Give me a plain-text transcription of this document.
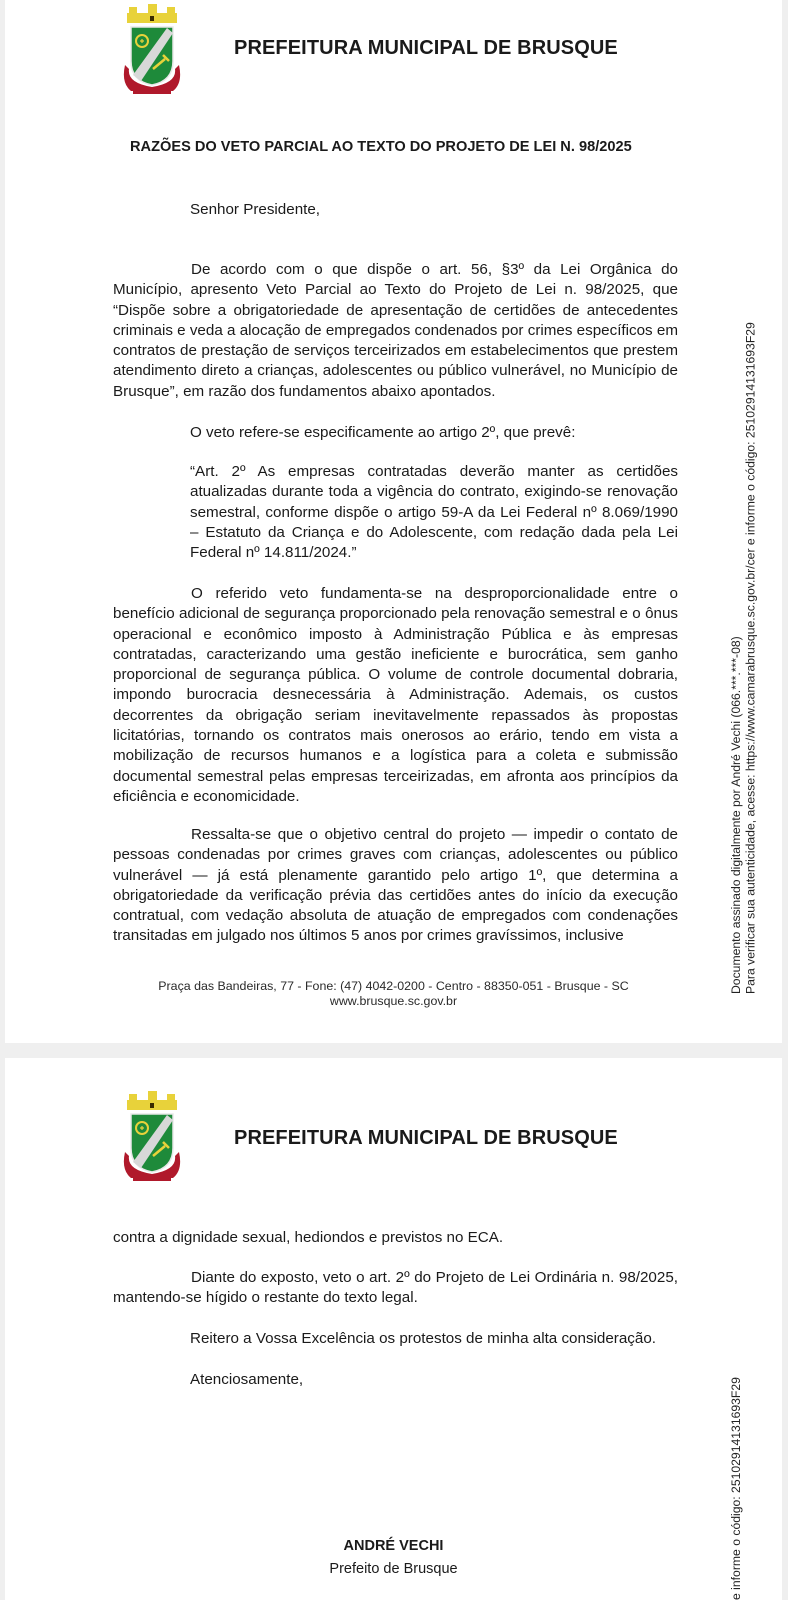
PREFEITURA MUNICIPAL DE BRUSQUE
RAZÕES DO VETO PARCIAL AO TEXTO DO PROJETO DE LEI N. 98/2025
Senhor Presidente,
De acordo com o que dispõe o art. 56, §3º da Lei Orgânica do Município, apresento Veto Parcial ao Texto do Projeto de Lei n. 98/2025, que “Dispõe sobre a obrigatoriedade de apresentação de certidões de antecedentes criminais e veda a alocação de empregados condenados por crimes específicos em contratos de prestação de serviços terceirizados em estabelecimentos que prestem atendimento direto a crianças, adolescentes ou público vulnerável, no Município de Brusque”, em razão dos fundamentos abaixo apontados.
O veto refere-se especificamente ao artigo 2º, que prevê:
“Art. 2º As empresas contratadas deverão manter as certidões atualizadas durante toda a vigência do contrato, exigindo-se renovação semestral, conforme dispõe o artigo 59-A da Lei Federal nº 8.069/1990 – Estatuto da Criança e do Adolescente, com redação dada pela Lei Federal nº 14.811/2024.”
O referido veto fundamenta-se na desproporcionalidade entre o benefício adicional de segurança proporcionado pela renovação semestral e o ônus operacional e econômico imposto à Administração Pública e às empresas contratadas, caracterizando uma gestão ineficiente e burocrática, sem ganho proporcional de segurança pública. O volume de controle documental dobraria, impondo burocracia desnecessária à Administração. Ademais, os custos decorrentes da obrigação seriam inevitavelmente repassados às propostas licitatórias, tornando os contratos mais onerosos ao erário, tendo em vista a mobilização de recursos humanos e a logística para a coleta e submissão documental semestral pelas empresas terceirizadas, em afronta aos princípios da eficiência e economicidade.
Ressalta-se que o objetivo central do projeto — impedir o contato de pessoas condenadas por crimes graves com crianças, adolescentes ou público vulnerável — já está plenamente garantido pelo artigo 1º, que determina a obrigatoriedade da verificação prévia das certidões antes do início da execução contratual, com vedação absoluta de atuação de empregados com condenações transitadas em julgado nos últimos 5 anos por crimes gravíssimos, inclusive
Praça das Bandeiras, 77 - Fone: (47) 4042-0200 - Centro - 88350-051 - Brusque - SC
www.brusque.sc.gov.br
Documento assinado digitalmente por André Vechi (066.***.***-08) Para verificar sua autenticidade, acesse: https://www.camarabrusque.sc.gov.br/cer e informe o código: 2510291413169​3F29
PREFEITURA MUNICIPAL DE BRUSQUE
contra a dignidade sexual, hediondos e previstos no ECA.
Diante do exposto, veto o art. 2º do Projeto de Lei Ordinária n. 98/2025, mantendo-se hígido o restante do texto legal.
Reitero a Vossa Excelência os protestos de minha alta consideração.
Atenciosamente,
ANDRÉ VECHI
Prefeito de Brusque	e informe o código: 25102914131693F29
